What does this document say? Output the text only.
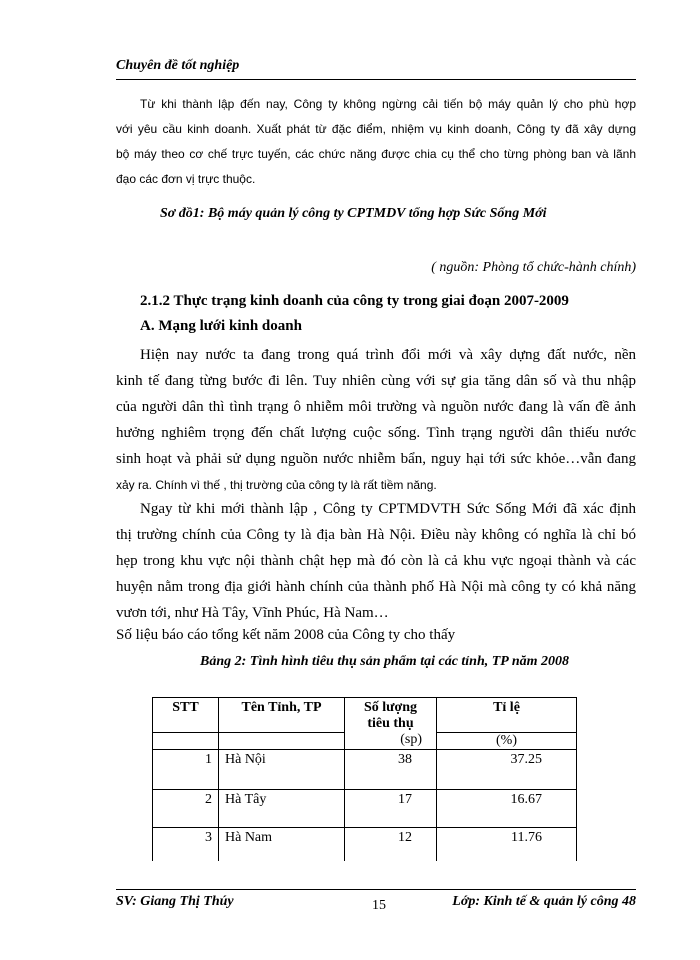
Chuyên đề tốt nghiệp
Từ khi thành lập đến nay, Công ty không ngừng cải tiến bộ máy quản lý cho phù hợp
với yêu cầu kinh doanh. Xuất phát từ đặc điểm, nhiệm vụ kinh doanh, Công ty đã xây dựng
bộ máy theo cơ chế trực tuyến, các chức năng được chia cụ thể cho từng phòng ban và lãnh
đạo các đơn vị trực thuộc.
Sơ đồ1: Bộ máy quản lý công ty CPTMDV tổng hợp Sức Sống Mới
( nguồn: Phòng tổ chức-hành chính)
2.1.2 Thực trạng kinh doanh của công ty trong giai đoạn 2007-2009
A. Mạng lưới kinh doanh
Hiện nay nước ta đang trong quá trình đổi mới và xây dựng đất nước, nền
kinh tế đang từng bước đi lên. Tuy nhiên cùng với sự gia tăng dân số và thu nhập
của người dân thì tình trạng ô nhiễm môi trường và nguồn nước đang là vấn đề ảnh
hưởng nghiêm trọng đến chất lượng cuộc sống. Tình trạng người dân thiếu nước
sinh hoạt và phải sử dụng nguồn nước nhiễm bẩn, nguy hại tới sức khỏe…vẫn đang
xảy ra. Chính vì thế , thị trường của công ty là rất tiềm năng.
Ngay từ khi mới thành lập , Công ty CPTMDVTH Sức Sống Mới đã xác định
thị trường chính của Công ty là địa bàn Hà Nội. Điều này không có nghĩa là chỉ bó
hẹp trong khu vực nội thành chật hẹp mà đó còn là cả khu vực ngoại thành và các
huyện nằm trong địa giới hành chính của thành phố Hà Nội mà công ty có khả năng
vươn tới, như Hà Tây, Vĩnh Phúc, Hà Nam…
Số liệu báo cáo tổng kết năm 2008 của Công ty cho thấy
Bảng 2: Tình hình tiêu thụ sản phẩm tại các tỉnh, TP năm 2008
STT	Tên Tỉnh, TP	Số lượng tiêu thụ	Tỉ lệ
		(sp)	(%)
1	Hà Nội	38	37.25
2	Hà Tây	17	16.67
3	Hà Nam	12	11.76
SV: Giang Thị Thúy	15	Lớp: Kinh tế & quản lý công 48
